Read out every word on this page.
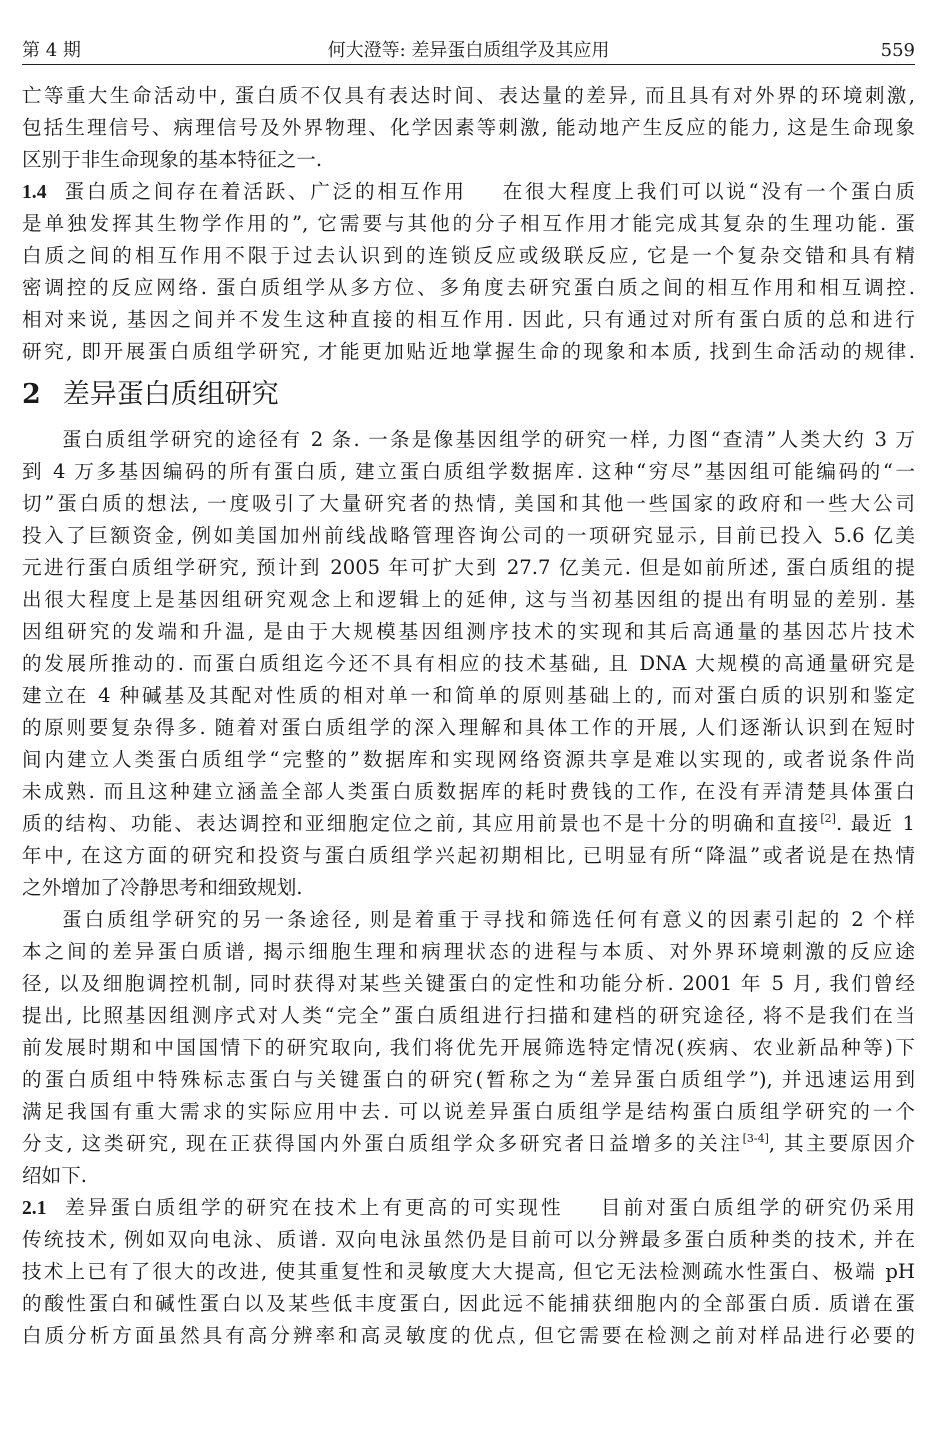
第 4 期	何大澄等: 差异蛋白质组学及其应用	559
亡等重大生命活动中, 蛋白质不仅具有表达时间、表达量的差异, 而且具有对外界的环境刺激,
包括生理信号、病理信号及外界物理、化学因素等刺激, 能动地产生反应的能力, 这是生命现象
区别于非生命现象的基本特征之一.
1.4 蛋白质之间存在着活跃、广泛的相互作用 在很大程度上我们可以说“没有一个蛋白质
是单独发挥其生物学作用的”, 它需要与其他的分子相互作用才能完成其复杂的生理功能. 蛋
白质之间的相互作用不限于过去认识到的连锁反应或级联反应, 它是一个复杂交错和具有精
密调控的反应网络. 蛋白质组学从多方位、多角度去研究蛋白质之间的相互作用和相互调控.
相对来说, 基因之间并不发生这种直接的相互作用. 因此, 只有通过对所有蛋白质的总和进行
研究, 即开展蛋白质组学研究, 才能更加贴近地掌握生命的现象和本质, 找到生命活动的规律.
2 差异蛋白质组研究
蛋白质组学研究的途径有 2 条. 一条是像基因组学的研究一样, 力图“查清”人类大约 3 万
到 4 万多基因编码的所有蛋白质, 建立蛋白质组学数据库. 这种“穷尽”基因组可能编码的“一
切”蛋白质的想法, 一度吸引了大量研究者的热情, 美国和其他一些国家的政府和一些大公司
投入了巨额资金, 例如美国加州前线战略管理咨询公司的一项研究显示, 目前已投入 5.6 亿美
元进行蛋白质组学研究, 预计到 2005 年可扩大到 27.7 亿美元. 但是如前所述, 蛋白质组的提
出很大程度上是基因组研究观念上和逻辑上的延伸, 这与当初基因组的提出有明显的差别. 基
因组研究的发端和升温, 是由于大规模基因组测序技术的实现和其后高通量的基因芯片技术
的发展所推动的. 而蛋白质组迄今还不具有相应的技术基础, 且 DNA 大规模的高通量研究是
建立在 4 种碱基及其配对性质的相对单一和简单的原则基础上的, 而对蛋白质的识别和鉴定
的原则要复杂得多. 随着对蛋白质组学的深入理解和具体工作的开展, 人们逐渐认识到在短时
间内建立人类蛋白质组学“完整的”数据库和实现网络资源共享是难以实现的, 或者说条件尚
未成熟. 而且这种建立涵盖全部人类蛋白质数据库的耗时费钱的工作, 在没有弄清楚具体蛋白
质的结构、功能、表达调控和亚细胞定位之前, 其应用前景也不是十分的明确和直接[2]. 最近 1
年中, 在这方面的研究和投资与蛋白质组学兴起初期相比, 已明显有所“降温”或者说是在热情
之外增加了冷静思考和细致规划.
蛋白质组学研究的另一条途径, 则是着重于寻找和筛选任何有意义的因素引起的 2 个样
本之间的差异蛋白质谱, 揭示细胞生理和病理状态的进程与本质、对外界环境刺激的反应途
径, 以及细胞调控机制, 同时获得对某些关键蛋白的定性和功能分析. 2001 年 5 月, 我们曾经
提出, 比照基因组测序式对人类“完全”蛋白质组进行扫描和建档的研究途径, 将不是我们在当
前发展时期和中国国情下的研究取向, 我们将优先开展筛选特定情况(疾病、农业新品种等)下
的蛋白质组中特殊标志蛋白与关键蛋白的研究(暂称之为“差异蛋白质组学”), 并迅速运用到
满足我国有重大需求的实际应用中去. 可以说差异蛋白质组学是结构蛋白质组学研究的一个
分支, 这类研究, 现在正获得国内外蛋白质组学众多研究者日益增多的关注[3-4], 其主要原因介
绍如下.
2.1 差异蛋白质组学的研究在技术上有更高的可实现性 目前对蛋白质组学的研究仍采用
传统技术, 例如双向电泳、质谱. 双向电泳虽然仍是目前可以分辨最多蛋白质种类的技术, 并在
技术上已有了很大的改进, 使其重复性和灵敏度大大提高, 但它无法检测疏水性蛋白、极端 pH
的酸性蛋白和碱性蛋白以及某些低丰度蛋白, 因此远不能捕获细胞内的全部蛋白质. 质谱在蛋
白质分析方面虽然具有高分辨率和高灵敏度的优点, 但它需要在检测之前对样品进行必要的
